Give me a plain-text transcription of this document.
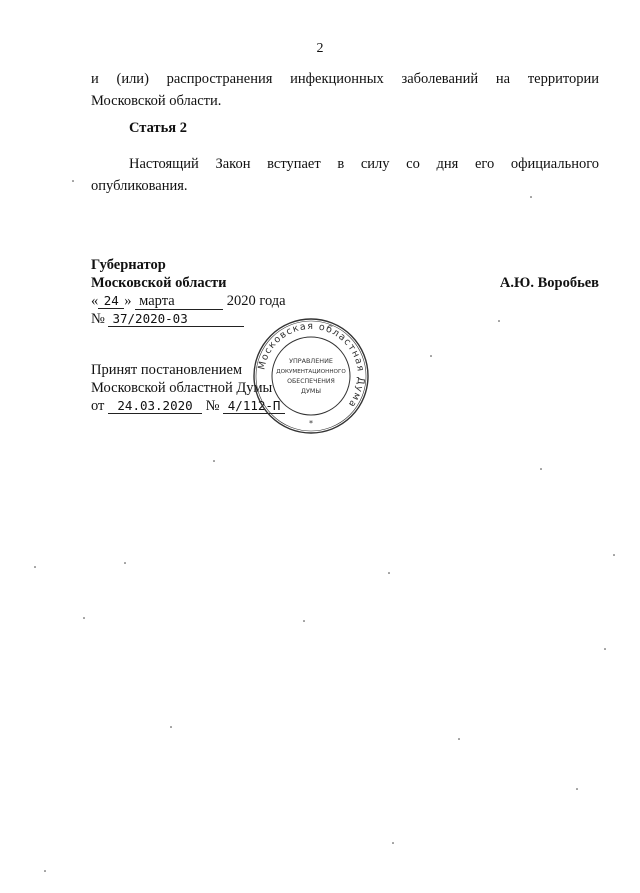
2
и (или) распространения инфекционных заболеваний на территории
Московской области.
Статья 2
Настоящий Закон вступает в силу со дня его официального
опубликования.
Губернатор
Московской области	А.Ю. Воробьев
« 24 » марта	2020 года
№ 37/2020-03
Принят постановлением
Московской областной Думы
от 24.03.2020 № 4/112-П
Московская областная Дума
УПРАВЛЕНИЕ
ДОКУМЕНТАЦИОННОГО
ОБЕСПЕЧЕНИЯ
ДУМЫ
*
